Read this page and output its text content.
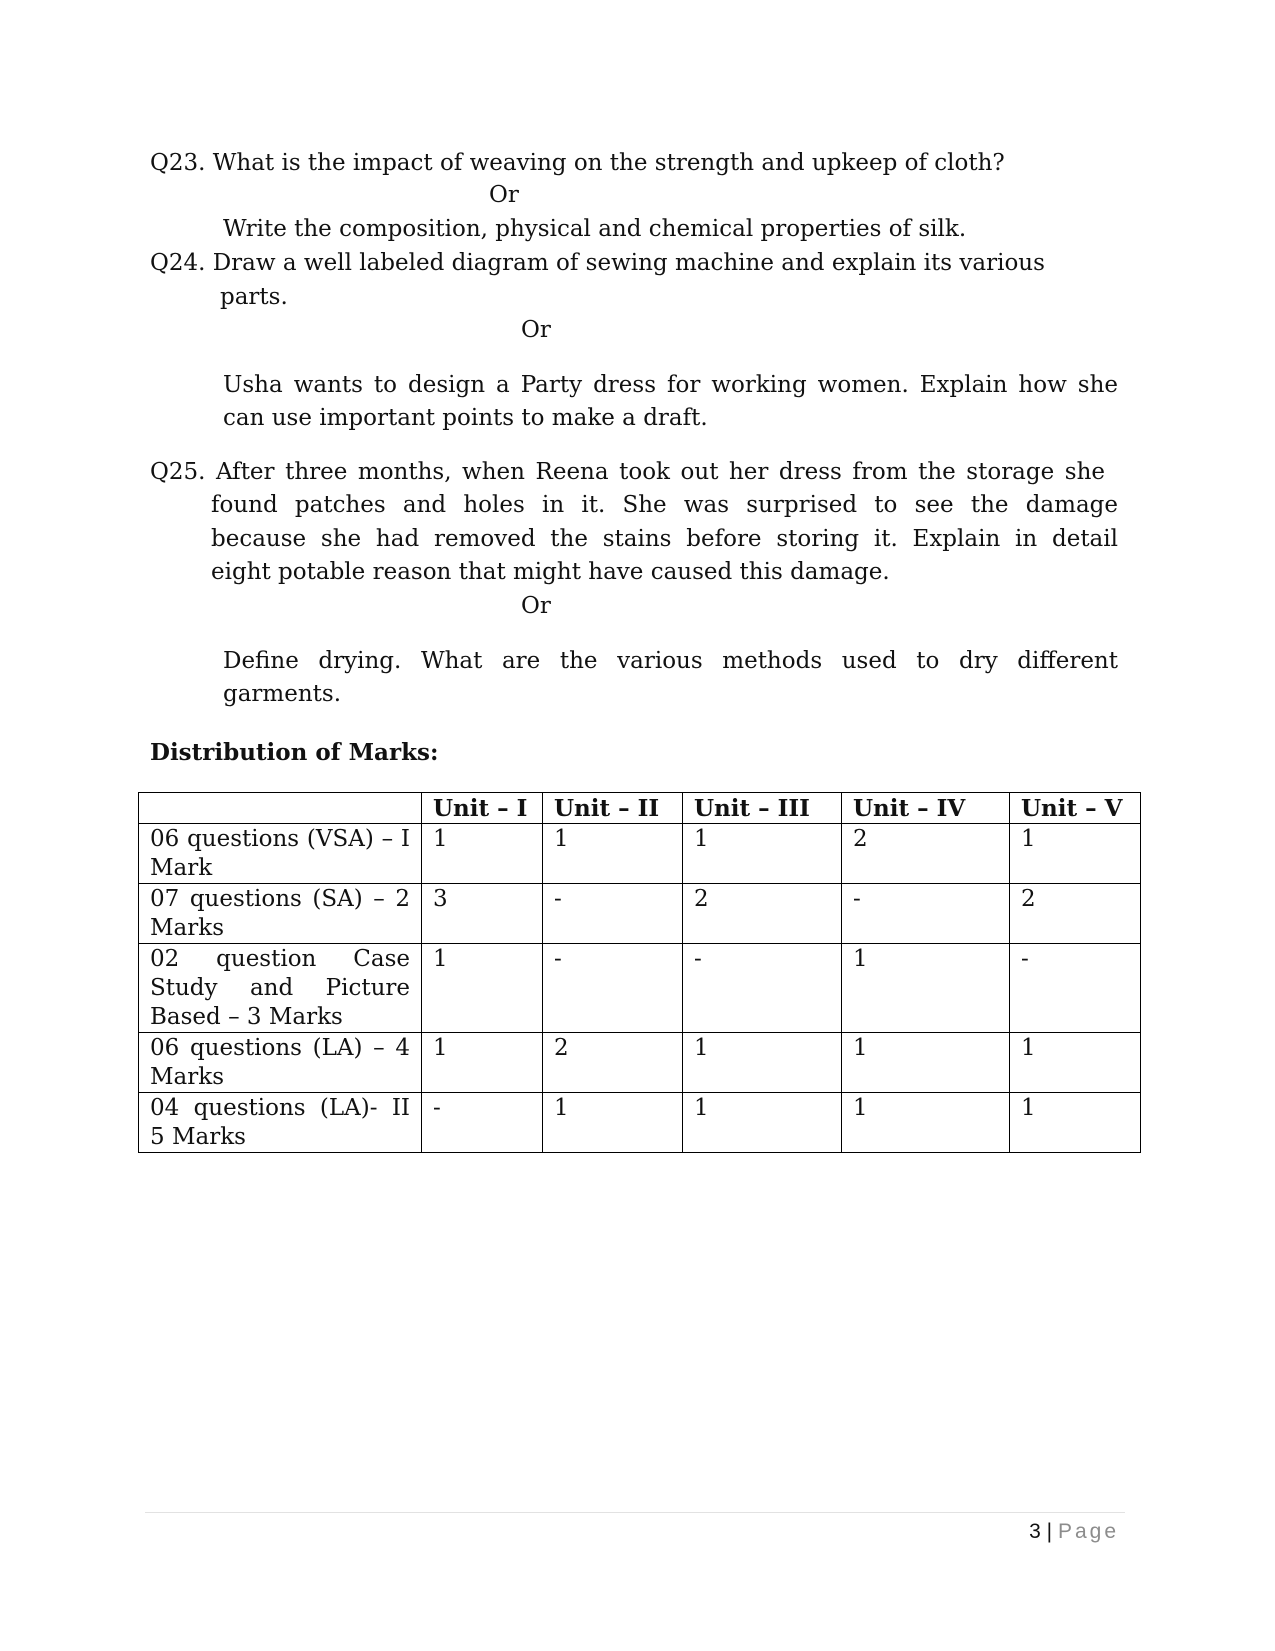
Q23. What is the impact of weaving on the strength and upkeep of cloth?
Or
Write the composition, physical and chemical properties of silk.
Q24. Draw a well labeled diagram of sewing machine and explain its various
parts.
Or
Usha wants to design a Party dress for working women. Explain how she
can use important points to make a draft.
Q25. After three months, when Reena took out her dress from the storage she
found patches and holes in it. She was surprised to see the damage
because she had removed the stains before storing it. Explain in detail
eight potable reason that might have caused this damage.
Or
Define drying. What are the various methods used to dry different
garments.
Distribution of Marks:
	Unit – I	Unit – II	Unit – III	Unit – IV	Unit – V
06 questions (VSA) – I Mark	1	1	1	2	1
07 questions (SA) – 2 Marks	3	-	2	-	2
02 question Case Study and Picture Based – 3 Marks	1	-	-	1	-
06 questions (LA) – 4 Marks	1	2	1	1	1
04 questions (LA)- II 5 Marks	-	1	1	1	1
3 | Page
